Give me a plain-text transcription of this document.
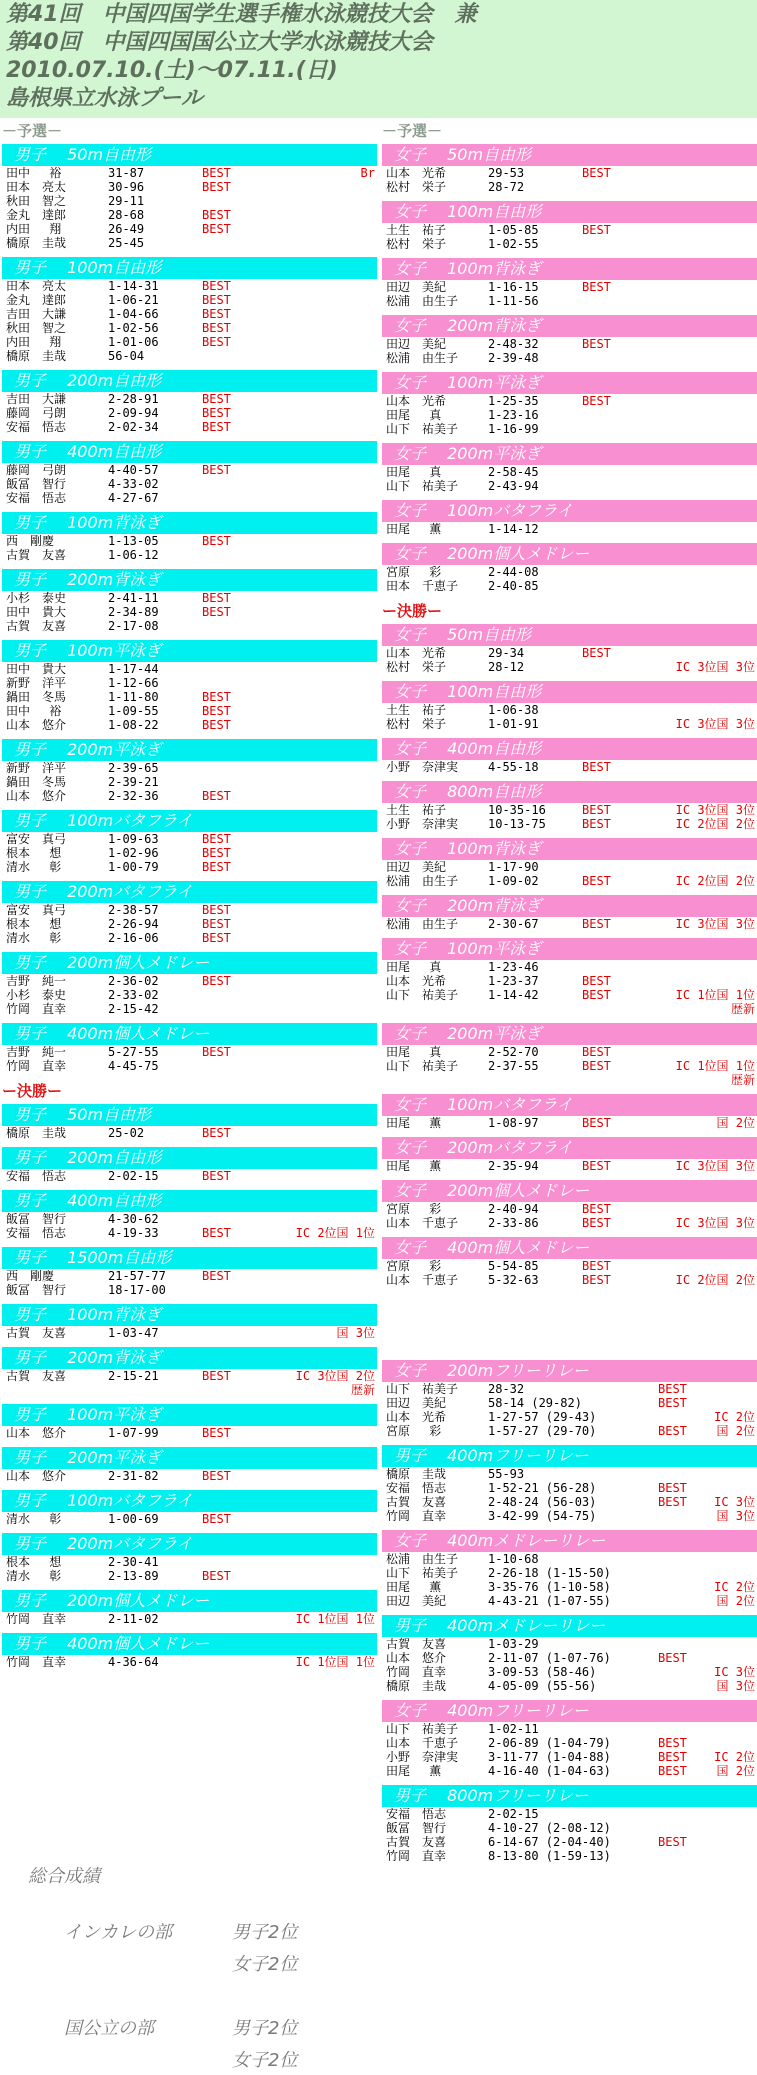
第41回　中国四国学生選手権水泳競技大会　兼
第40回　中国四国国公立大学水泳競技大会
2010.07.10.(土)～07.11.(日)
島根県立水泳プール
－予選－
男子　 50m自由形
田中　 裕	31-87	BEST	Br
田本　亮太	30-96	BEST
秋田　智之	29-11
金丸　達郎	28-68	BEST
内田　 翔	26-49	BEST
橋原　圭哉	25-45
男子　 100m自由形
田本　亮太	1-14-31	BEST
金丸　達郎	1-06-21	BEST
吉田　大謙	1-04-66	BEST
秋田　智之	1-02-56	BEST
内田　 翔	1-01-06	BEST
橋原　圭哉	56-04
男子　 200m自由形
吉田　大謙	2-28-91	BEST
藤岡　弓朗	2-09-94	BEST
安福　悟志	2-02-34	BEST
男子　 400m自由形
藤岡　弓朗	4-40-57	BEST
飯冨　智行	4-33-02
安福　悟志	4-27-67
男子　 100m背泳ぎ
西　剛慶	1-13-05	BEST
古賀　友喜	1-06-12
男子　 200m背泳ぎ
小杉　泰史	2-41-11	BEST
田中　貴大	2-34-89	BEST
古賀　友喜	2-17-08
男子　 100m平泳ぎ
田中　貴大	1-17-44
新野　洋平	1-12-66
鍋田　冬馬	1-11-80	BEST
田中　 裕	1-09-55	BEST
山本　悠介	1-08-22	BEST
男子　 200m平泳ぎ
新野　洋平	2-39-65
鍋田　冬馬	2-39-21
山本　悠介	2-32-36	BEST
男子　 100mバタフライ
富安　真弓	1-09-63	BEST
根本　 想	1-02-96	BEST
清水　 彰	1-00-79	BEST
男子　 200mバタフライ
富安　真弓	2-38-57	BEST
根本　 想	2-26-94	BEST
清水　 彰	2-16-06	BEST
男子　 200m個人メドレー
吉野　純一	2-36-02	BEST
小杉　泰史	2-33-02
竹岡　直幸	2-15-42
男子　 400m個人メドレー
吉野　純一	5-27-55	BEST
竹岡　直幸	4-45-75
ー決勝ー
男子　 50m自由形
橋原　圭哉	25-02	BEST
男子　 200m自由形
安福　悟志	2-02-15	BEST
男子　 400m自由形
飯冨　智行	4-30-62
安福　悟志	4-19-33	BEST	IC 2位国 1位
男子　 1500m自由形
西　剛慶	21-57-77	BEST
飯冨　智行	18-17-00
男子　 100m背泳ぎ
古賀　友喜	1-03-47	国 3位
男子　 200m背泳ぎ
古賀　友喜	2-15-21	BEST	IC 3位国 2位
歴新
男子　 100m平泳ぎ
山本　悠介	1-07-99	BEST
男子　 200m平泳ぎ
山本　悠介	2-31-82	BEST
男子　 100mバタフライ
清水　 彰	1-00-69	BEST
男子　 200mバタフライ
根本　 想	2-30-41
清水　 彰	2-13-89	BEST
男子　 200m個人メドレー
竹岡　直幸	2-11-02	IC 1位国 1位
男子　 400m個人メドレー
竹岡　直幸	4-36-64	IC 1位国 1位
－予選－
女子　 50m自由形
山本　光希	29-53	BEST
松村　栄子	28-72
女子　 100m自由形
土生　祐子	1-05-85	BEST
松村　栄子	1-02-55
女子　 100m背泳ぎ
田辺　美紀	1-16-15	BEST
松浦　由生子 1-11-56
女子　 200m背泳ぎ
田辺　美紀	2-48-32	BEST
松浦　由生子 2-39-48
女子　 100m平泳ぎ
山本　光希	1-25-35	BEST
田尾　 真	1-23-16
山下　祐美子 1-16-99
女子　 200m平泳ぎ
田尾　 真	2-58-45
山下　祐美子 2-43-94
女子　 100mバタフライ
田尾　 薫	1-14-12
女子　 200m個人メドレー
宮原　 彩	2-44-08
田本　千恵子 2-40-85
ー決勝ー
女子　 50m自由形
山本　光希	29-34	BEST
松村　栄子	28-12	IC 3位国 3位
女子　 100m自由形
土生　祐子	1-06-38
松村　栄子	1-01-91	IC 3位国 3位
女子　 400m自由形
小野　奈津実 4-55-18	BEST
女子　 800m自由形
土生　祐子	10-35-16	BEST	IC 3位国 3位
小野　奈津実 10-13-75	BEST	IC 2位国 2位
女子　 100m背泳ぎ
田辺　美紀	1-17-90
松浦　由生子 1-09-02	BEST	IC 2位国 2位
女子　 200m背泳ぎ
松浦　由生子 2-30-67	BEST	IC 3位国 3位
女子　 100m平泳ぎ
田尾　 真	1-23-46
山本　光希	1-23-37	BEST
山下　祐美子 1-14-42	BEST	IC 1位国 1位
歴新
女子　 200m平泳ぎ
田尾　 真	2-52-70	BEST
山下　祐美子 2-37-55	BEST	IC 1位国 1位
歴新
女子　 100mバタフライ
田尾　 薫	1-08-97	BEST	国 2位
女子　 200mバタフライ
田尾　 薫	2-35-94	BEST	IC 3位国 3位
女子　 200m個人メドレー
宮原　 彩	2-40-94	BEST
山本　千恵子 2-33-86	BEST	IC 3位国 3位
女子　 400m個人メドレー
宮原　 彩	5-54-85	BEST
山本　千恵子 5-32-63	BEST	IC 2位国 2位
女子　 200mフリーリレー
山下　祐美子 28-32	BEST
田辺　美紀	58-14 (29-82)	BEST
山本　光希	1-27-57 (29-43)	IC 2位
宮原　 彩	1-57-27 (29-70)	BEST 国 2位
男子　 400mフリーリレー
橋原　圭哉	55-93
安福　悟志	1-52-21 (56-28)	BEST
古賀　友喜	2-48-24 (56-03)	BEST IC 3位
竹岡　直幸	3-42-99 (54-75)	国 3位
女子　 400mメドレーリレー
松浦　由生子 1-10-68
山下　祐美子 2-26-18 (1-15-50)
田尾　 薫	3-35-76 (1-10-58)	IC 2位
田辺　美紀	4-43-21 (1-07-55)	国 2位
男子　 400mメドレーリレー
古賀　友喜	1-03-29
山本　悠介	2-11-07 (1-07-76)	BEST
竹岡　直幸	3-09-53 (58-46)	IC 3位
橋原　圭哉	4-05-09 (55-56)	国 3位
女子　 400mフリーリレー
山下　祐美子 1-02-11
山本　千恵子 2-06-89 (1-04-79)	BEST
小野　奈津実 3-11-77 (1-04-88)	BEST IC 2位
田尾　 薫	4-16-40 (1-04-63)	BEST 国 2位
男子　 800mフリーリレー
安福　悟志	2-02-15
飯冨　智行	4-10-27 (2-08-12)
古賀　友喜	6-14-67 (2-04-40)	BEST
竹岡　直幸	8-13-80 (1-59-13)
総合成績
インカレの部	男子2位
女子2位
国公立の部	男子2位
女子2位
